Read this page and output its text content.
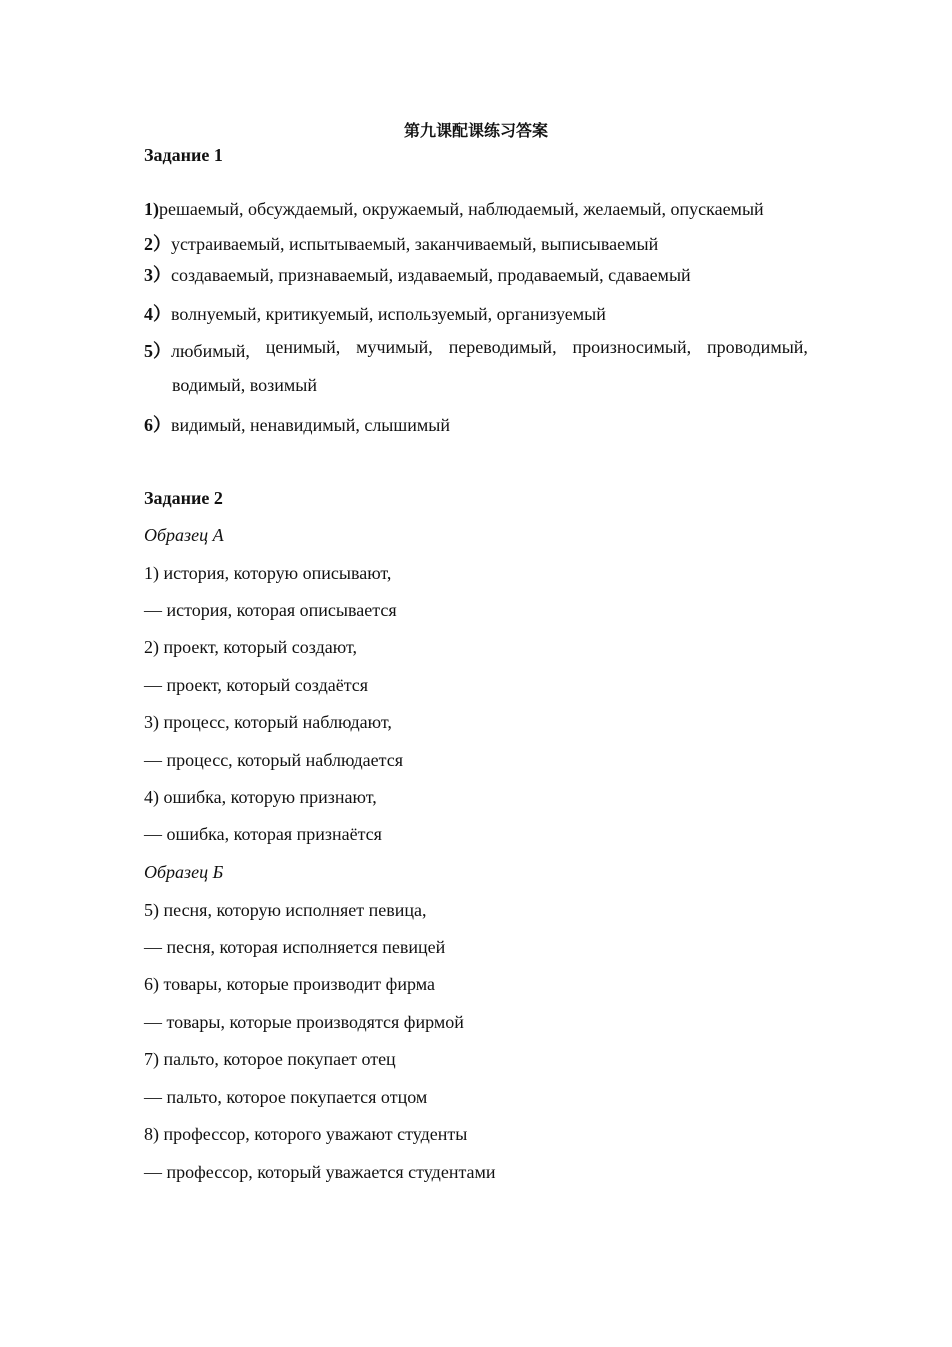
第九课配课练习答案
Задание 1
1)решаемый, обсуждаемый, окружаемый, наблюдаемый, желаемый, опускаемый
2）устраиваемый, испытываемый, заканчиваемый, выписываемый
3）создаваемый, признаваемый, издаваемый, продаваемый, сдаваемый
4）волнуемый, критикуемый, используемый, организуемый
5）любимый, ценимый, мучимый, переводимый, произносимый, проводимый,
водимый, возимый
6）видимый, ненавидимый, слышимый
Задание 2
Образец А
1) история, которую описывают,
— история, которая описывается
2) проект, который создают,
— проект, который создаётся
3) процесс, который наблюдают,
— процесс, который наблюдается
4) ошибка, которую признают,
— ошибка, которая признаётся
Образец Б
5) песня, которую исполняет певица,
— песня, которая исполняется певицей
6) товары, которые производит фирма
— товары, которые производятся фирмой
7) пальто, которое покупает отец
— пальто, которое покупается отцом
8) профессор, которого уважают студенты
— профессор, который уважается студентами
